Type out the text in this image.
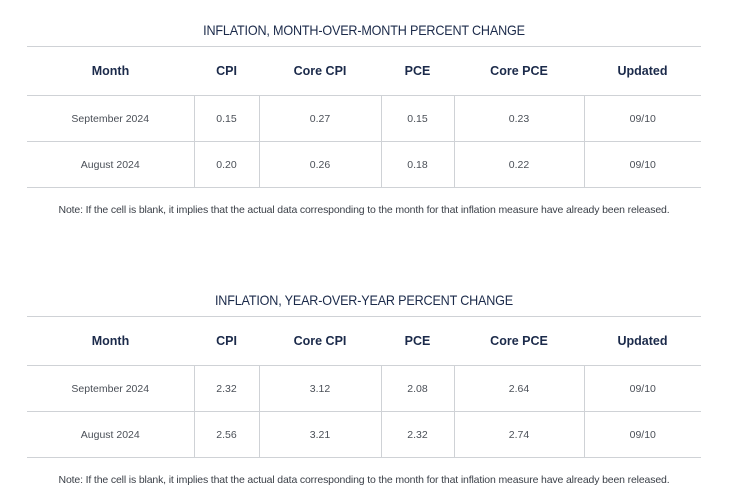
INFLATION, MONTH-OVER-MONTH PERCENT CHANGE
Month	CPI	Core CPI	PCE	Core PCE	Updated
September 2024	0.15	0.27	0.15	0.23	09/10
August 2024	0.20	0.26	0.18	0.22	09/10
Note: If the cell is blank, it implies that the actual data corresponding to the month for that inflation measure have already been released.
INFLATION, YEAR-OVER-YEAR PERCENT CHANGE
Month	CPI	Core CPI	PCE	Core PCE	Updated
September 2024	2.32	3.12	2.08	2.64	09/10
August 2024	2.56	3.21	2.32	2.74	09/10
Note: If the cell is blank, it implies that the actual data corresponding to the month for that inflation measure have already been released.
